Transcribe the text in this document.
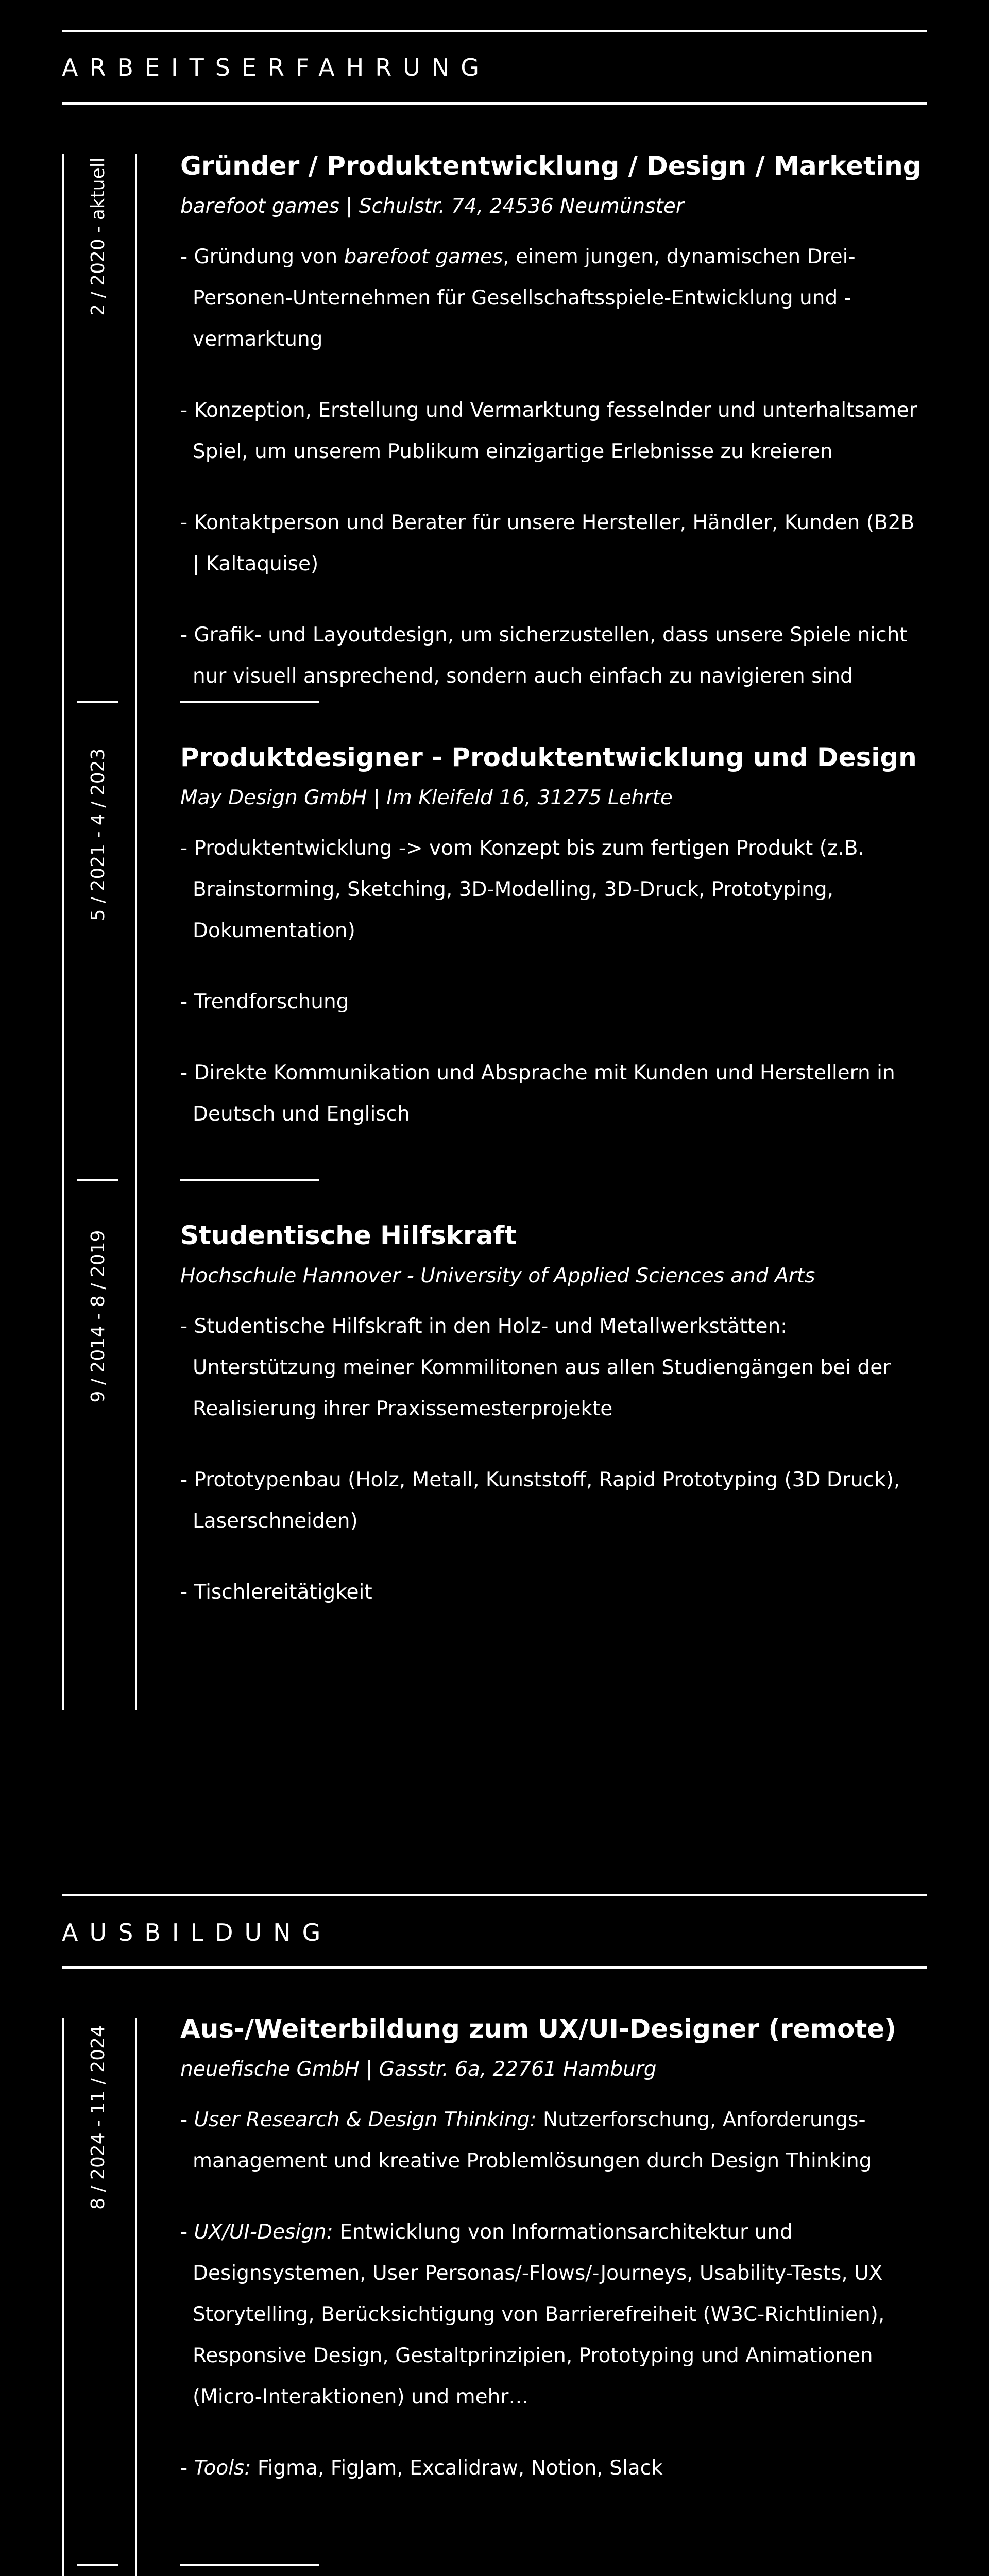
ARBEITSERFAHRUNG
2 / 2020 - aktuell	Gründer / Produktentwicklung / Design / Marketing
barefoot games | Schulstr. 74, 24536 Neumünster
- Gründung von barefoot games, einem jungen, dynamischen Drei-Personen-Unternehmen für Gesellschaftsspiele-Entwicklung und -vermarktung
- Konzeption, Erstellung und Vermarktung fesselnder und unterhaltsamer Spiel, um unserem Publikum einzigartige Erlebnisse zu kreieren
- Kontaktperson und Berater für unsere Hersteller, Händler, Kunden (B2B | Kaltaquise)
- Grafik- und Layoutdesign, um sicherzustellen, dass unsere Spiele nicht nur visuell ansprechend, sondern auch einfach zu navigieren sind
5 / 2021 - 4 / 2023	Produktdesigner - Produktentwicklung und Design
May Design GmbH | Im Kleifeld 16, 31275 Lehrte
- Produktentwicklung -> vom Konzept bis zum fertigen Produkt (z.B. Brainstorming, Sketching, 3D-Modelling, 3D-Druck, Prototyping, Dokumentation)
- Trendforschung
- Direkte Kommunikation und Absprache mit Kunden und Herstellern in Deutsch und Englisch
9 / 2014 - 8 / 2019	Studentische Hilfskraft
Hochschule Hannover - University of Applied Sciences and Arts
- Studentische Hilfskraft in den Holz- und Metallwerkstätten: Unterstützung meiner Kommilitonen aus allen Studiengängen bei der Realisierung ihrer Praxissemesterprojekte
- Prototypenbau (Holz, Metall, Kunststoff, Rapid Prototyping (3D Druck), Laserschneiden)
- Tischlereitätigkeit
AUSBILDUNG
8 / 2024 - 11 / 2024	Aus-/Weiterbildung zum UX/UI-Designer (remote)
neuefische GmbH | Gasstr. 6a, 22761 Hamburg
- User Research & Design Thinking: Nutzerforschung, Anforderungs-management und kreative Problemlösungen durch Design Thinking
- UX/UI-Design: Entwicklung von Informationsarchitektur und Designsystemen, User Personas/-Flows/-Journeys, Usability-Tests, UX Storytelling, Berücksichtigung von Barrierefreiheit (W3C-Richtlinien), Responsive Design, Gestaltprinzipien, Prototyping und Animationen (Micro-Interaktionen) und mehr…
- Tools: Figma, FigJam, Excalidraw, Notion, Slack
